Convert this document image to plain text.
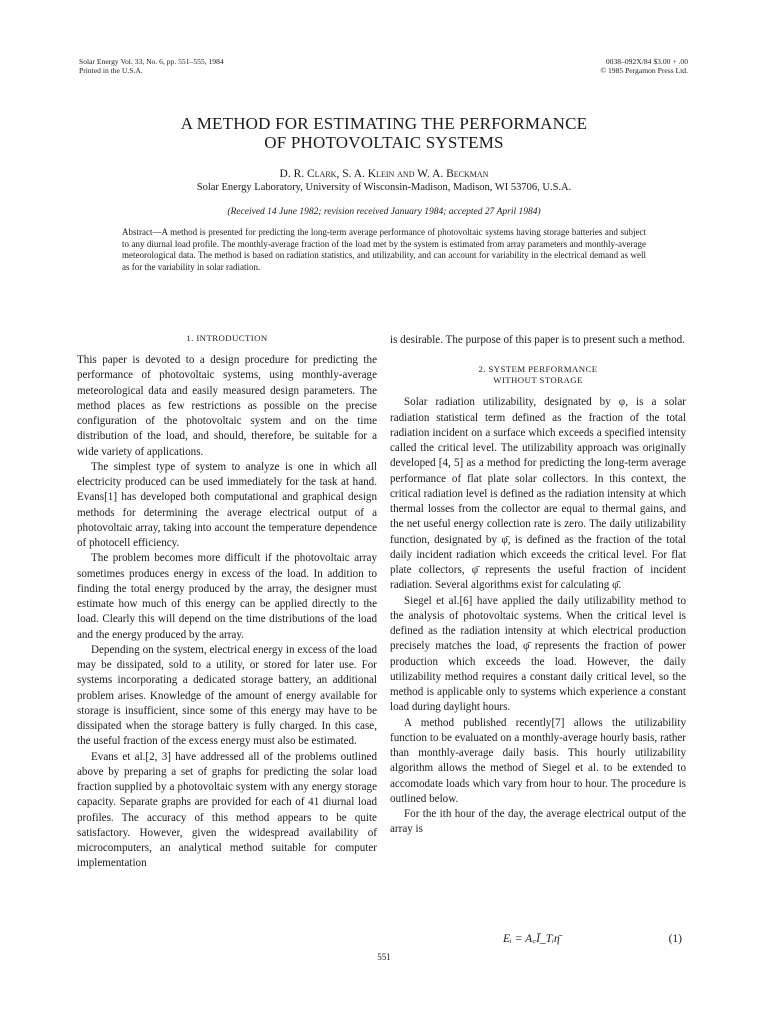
Solar Energy Vol. 33, No. 6, pp. 551–555, 1984
Printed in the U.S.A.
0038–092X/84 $3.00 + .00
© 1985 Pergamon Press Ltd.
A METHOD FOR ESTIMATING THE PERFORMANCE
OF PHOTOVOLTAIC SYSTEMS
D. R. Clark, S. A. Klein and W. A. Beckman
Solar Energy Laboratory, University of Wisconsin-Madison, Madison, WI 53706, U.S.A.
(Received 14 June 1982; revision received January 1984; accepted 27 April 1984)
Abstract—A method is presented for predicting the long-term average performance of photovoltaic systems having storage batteries and subject to any diurnal load profile. The monthly-average fraction of the load met by the system is estimated from array parameters and monthly-average meteorological data. The method is based on radiation statistics, and utilizability, and can account for variability in the electrical demand as well as for the variability in solar radiation.
1. INTRODUCTION

This paper is devoted to a design procedure for predicting the performance of photovoltaic systems, using monthly-average meteorological data and easily measured design parameters. The method places as few restrictions as possible on the precise configuration of the photovoltaic system and on the time distribution of the load, and should, therefore, be suitable for a wide variety of applications.

The simplest type of system to analyze is one in which all electricity produced can be used immediately for the task at hand. Evans[1] has developed both computational and graphical design methods for determining the average electrical output of a photovoltaic array, taking into account the temperature dependence of photocell efficiency.

The problem becomes more difficult if the photovoltaic array sometimes produces energy in excess of the load. In addition to finding the total energy produced by the array, the designer must estimate how much of this energy can be applied directly to the load. Clearly this will depend on the time distributions of the load and the energy produced by the array.

Depending on the system, electrical energy in excess of the load may be dissipated, sold to a utility, or stored for later use. For systems incorporating a dedicated storage battery, an additional problem arises. Knowledge of the amount of energy available for storage is insufficient, since some of this energy may have to be dissipated when the storage battery is fully charged. In this case, the useful fraction of the excess energy must also be estimated.

Evans et al.[2, 3] have addressed all of the problems outlined above by preparing a set of graphs for predicting the solar load fraction supplied by a photovoltaic system with any energy storage capacity. Separate graphs are provided for each of 41 diurnal load profiles. The accuracy of this method appears to be quite satisfactory. However, given the widespread availability of microcomputers, an analytical method suitable for computer implementation

is desirable. The purpose of this paper is to present such a method.

2. SYSTEM PERFORMANCE
WITHOUT STORAGE

Solar radiation utilizability, designated by φ, is a solar radiation statistical term defined as the fraction of the total radiation incident on a surface which exceeds a specified intensity called the critical level. The utilizability approach was originally developed [4, 5] as a method for predicting the long-term average performance of flat plate solar collectors. In this context, the critical radiation level is defined as the radiation intensity at which thermal losses from the collector are equal to thermal gains, and the net useful energy collection rate is zero. The daily utilizability function, designated by φ̄, is defined as the fraction of the total daily incident radiation which exceeds the critical level. For flat plate collectors, φ̄ represents the useful fraction of incident radiation. Several algorithms exist for calculating φ̄.

Siegel et al.[6] have applied the daily utilizability method to the analysis of photovoltaic systems. When the critical level is defined as the radiation intensity at which electrical production precisely matches the load, φ̄ represents the fraction of power production which exceeds the load. However, the daily utilizability method requires a constant daily critical level, so the method is applicable only to systems which experience a constant load during daylight hours.

A method published recently[7] allows the utilizability function to be evaluated on a monthly-average hourly basis, rather than monthly-average daily basis. This hourly utilizability algorithm allows the method of Siegel et al. to be extended to accomodate loads which vary from hour to hour. The procedure is outlined below.

For the ith hour of the day, the average electrical output of the array is

Eᵢ = A꜀Ī_Tᵢη̄	(1)
551
